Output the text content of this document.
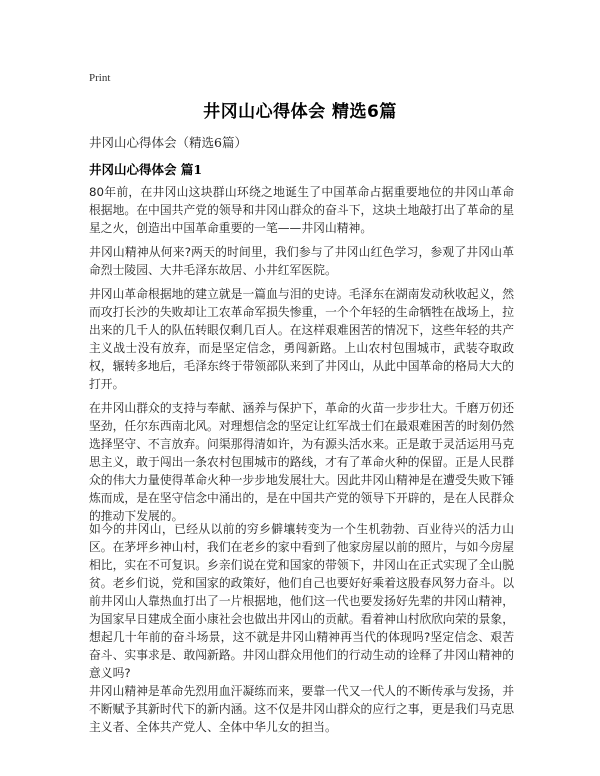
Print
井冈山心得体会 精选6篇
井冈山心得体会（精选6篇）
井冈山心得体会 篇1

80年前，在井冈山这块群山环绕之地诞生了中国革命占据重要地位的井冈山革命根据地。在中国共产党的领导和井冈山群众的奋斗下，这块土地敲打出了革命的星星之火，创造出中国革命重要的一笔——井冈山精神。

井冈山精神从何来?两天的时间里，我们参与了井冈山红色学习，参观了井冈山革命烈士陵园、大井毛泽东故居、小井红军医院。

井冈山革命根据地的建立就是一篇血与泪的史诗。毛泽东在湖南发动秋收起义，然而攻打长沙的失败却让工农革命军损失惨重，一个个年轻的生命牺牲在战场上，拉出来的几千人的队伍转眼仅剩几百人。在这样艰难困苦的情况下，这些年轻的共产主义战士没有放弃，而是坚定信念，勇闯新路。上山农村包围城市，武装夺取政权，辗转多地后，毛泽东终于带领部队来到了井冈山，从此中国革命的格局大大的打开。

在井冈山群众的支持与奉献、涵养与保护下，革命的火苗一步步壮大。千磨万仞还坚劲，任尔东西南北风。对理想信念的坚定让红军战士们在最艰难困苦的时刻仍然选择坚守、不言放弃。问渠那得清如许，为有源头活水来。正是敢于灵活运用马克思主义，敢于闯出一条农村包围城市的路线，才有了革命火种的保留。正是人民群众的伟大力量使得革命火种一步步地发展壮大。因此井冈山精神是在遭受失败下锤炼而成，是在坚守信念中涌出的，是在中国共产党的领导下开辟的，是在人民群众的推动下发展的。

如今的井冈山，已经从以前的穷乡僻壤转变为一个生机勃勃、百业待兴的活力山区。在茅坪乡神山村，我们在老乡的家中看到了他家房屋以前的照片，与如今房屋相比，实在不可复识。乡亲们说在党和国家的带领下，井冈山在正式实现了全山脱贫。老乡们说，党和国家的政策好，他们自己也要好好乘着这股春风努力奋斗。以前井冈山人靠热血打出了一片根据地，他们这一代也要发扬好先辈的井冈山精神，为国家早日建成全面小康社会也做出井冈山的贡献。看着神山村欣欣向荣的景象，想起几十年前的奋斗场景，这不就是井冈山精神再当代的体现吗?坚定信念、艰苦奋斗、实事求是、敢闯新路。井冈山群众用他们的行动生动的诠释了井冈山精神的意义吗?

井冈山精神是革命先烈用血汗凝练而来，要靠一代又一代人的不断传承与发扬，并不断赋予其新时代下的新内涵。这不仅是井冈山群众的应行之事，更是我们马克思主义者、全体共产党人、全体中华儿女的担当。
